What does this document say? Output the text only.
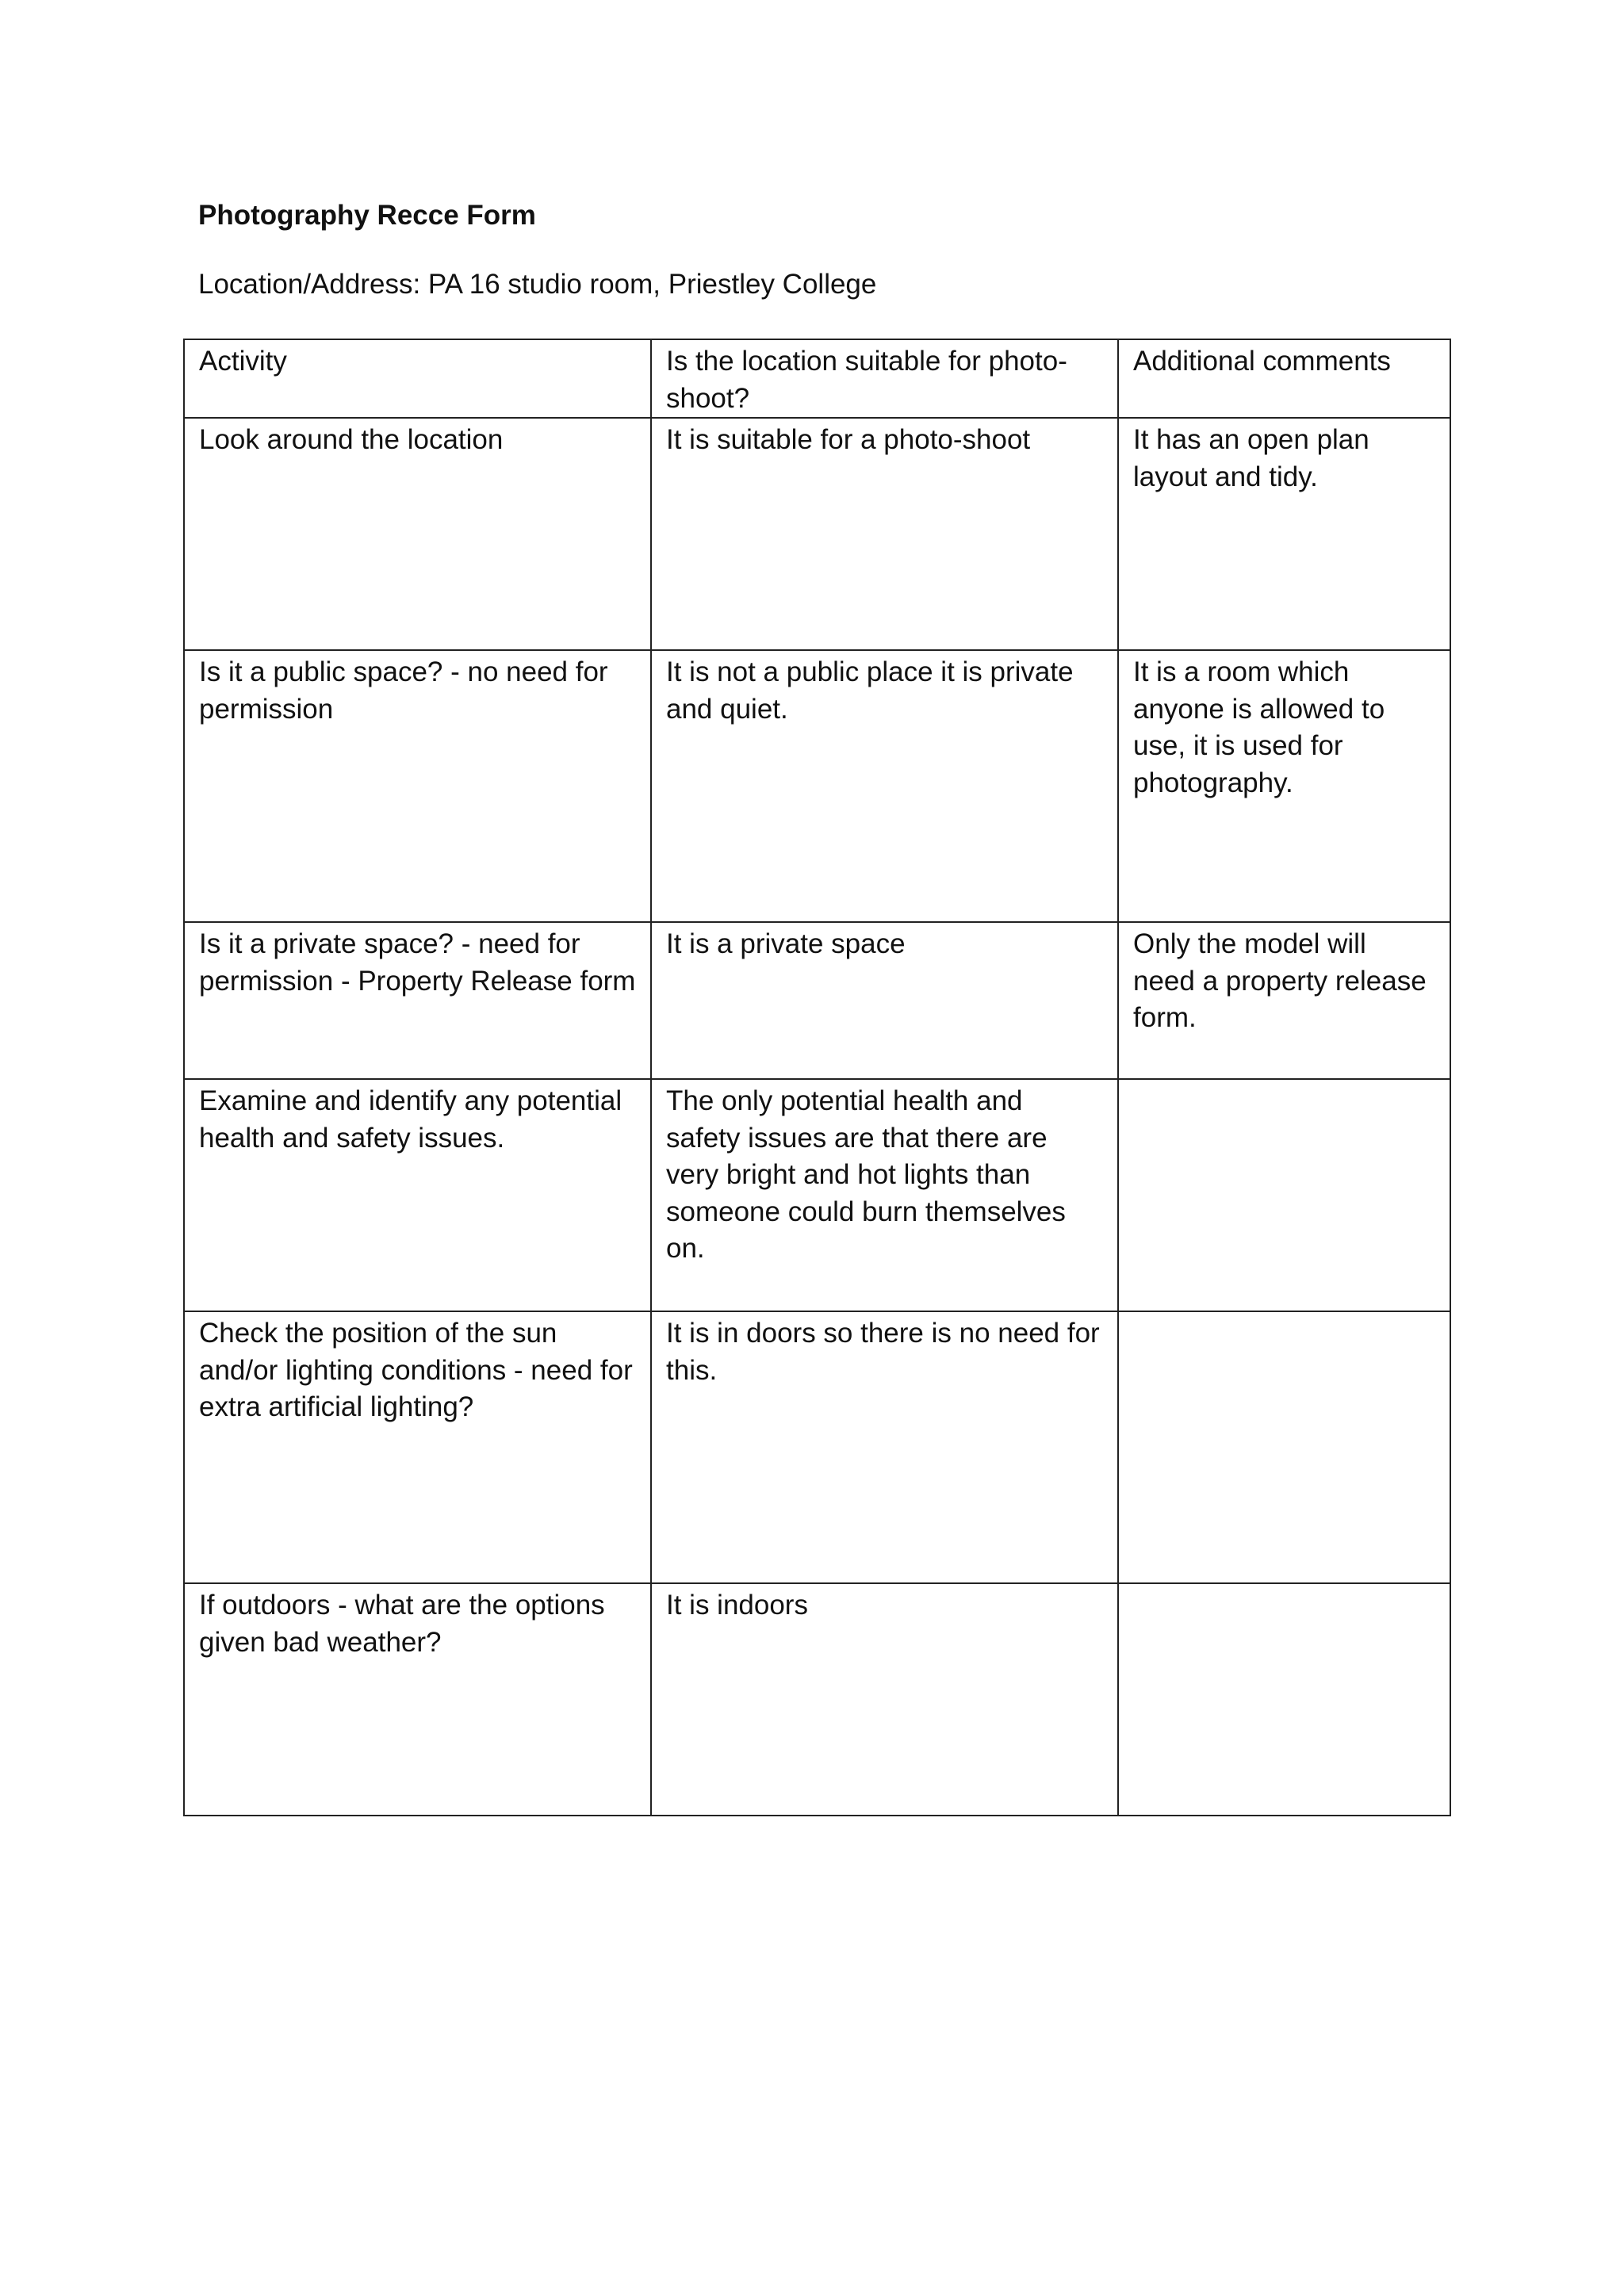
Photography Recce Form
Location/Address: PA 16 studio room, Priestley College
Activity	Is the location suitable for photo-shoot?	Additional comments
Look around the location	It is suitable for a photo-shoot	It has an open plan layout and tidy.
Is it a public space? - no need for permission	It is not a public place it is private and quiet.	It is a room which anyone is allowed to use, it is used for photography.
Is it a private space? - need for permission - Property Release form	It is a private space	Only the model will need a property release form.
Examine and identify any potential health and safety issues.	The only potential health and safety issues are that there are very bright and hot lights than someone could burn themselves on.	
Check the position of the sun and/or lighting conditions - need for extra artificial lighting?	It is in doors so there is no need for this.	
If outdoors - what are the options given bad weather?	It is indoors	
